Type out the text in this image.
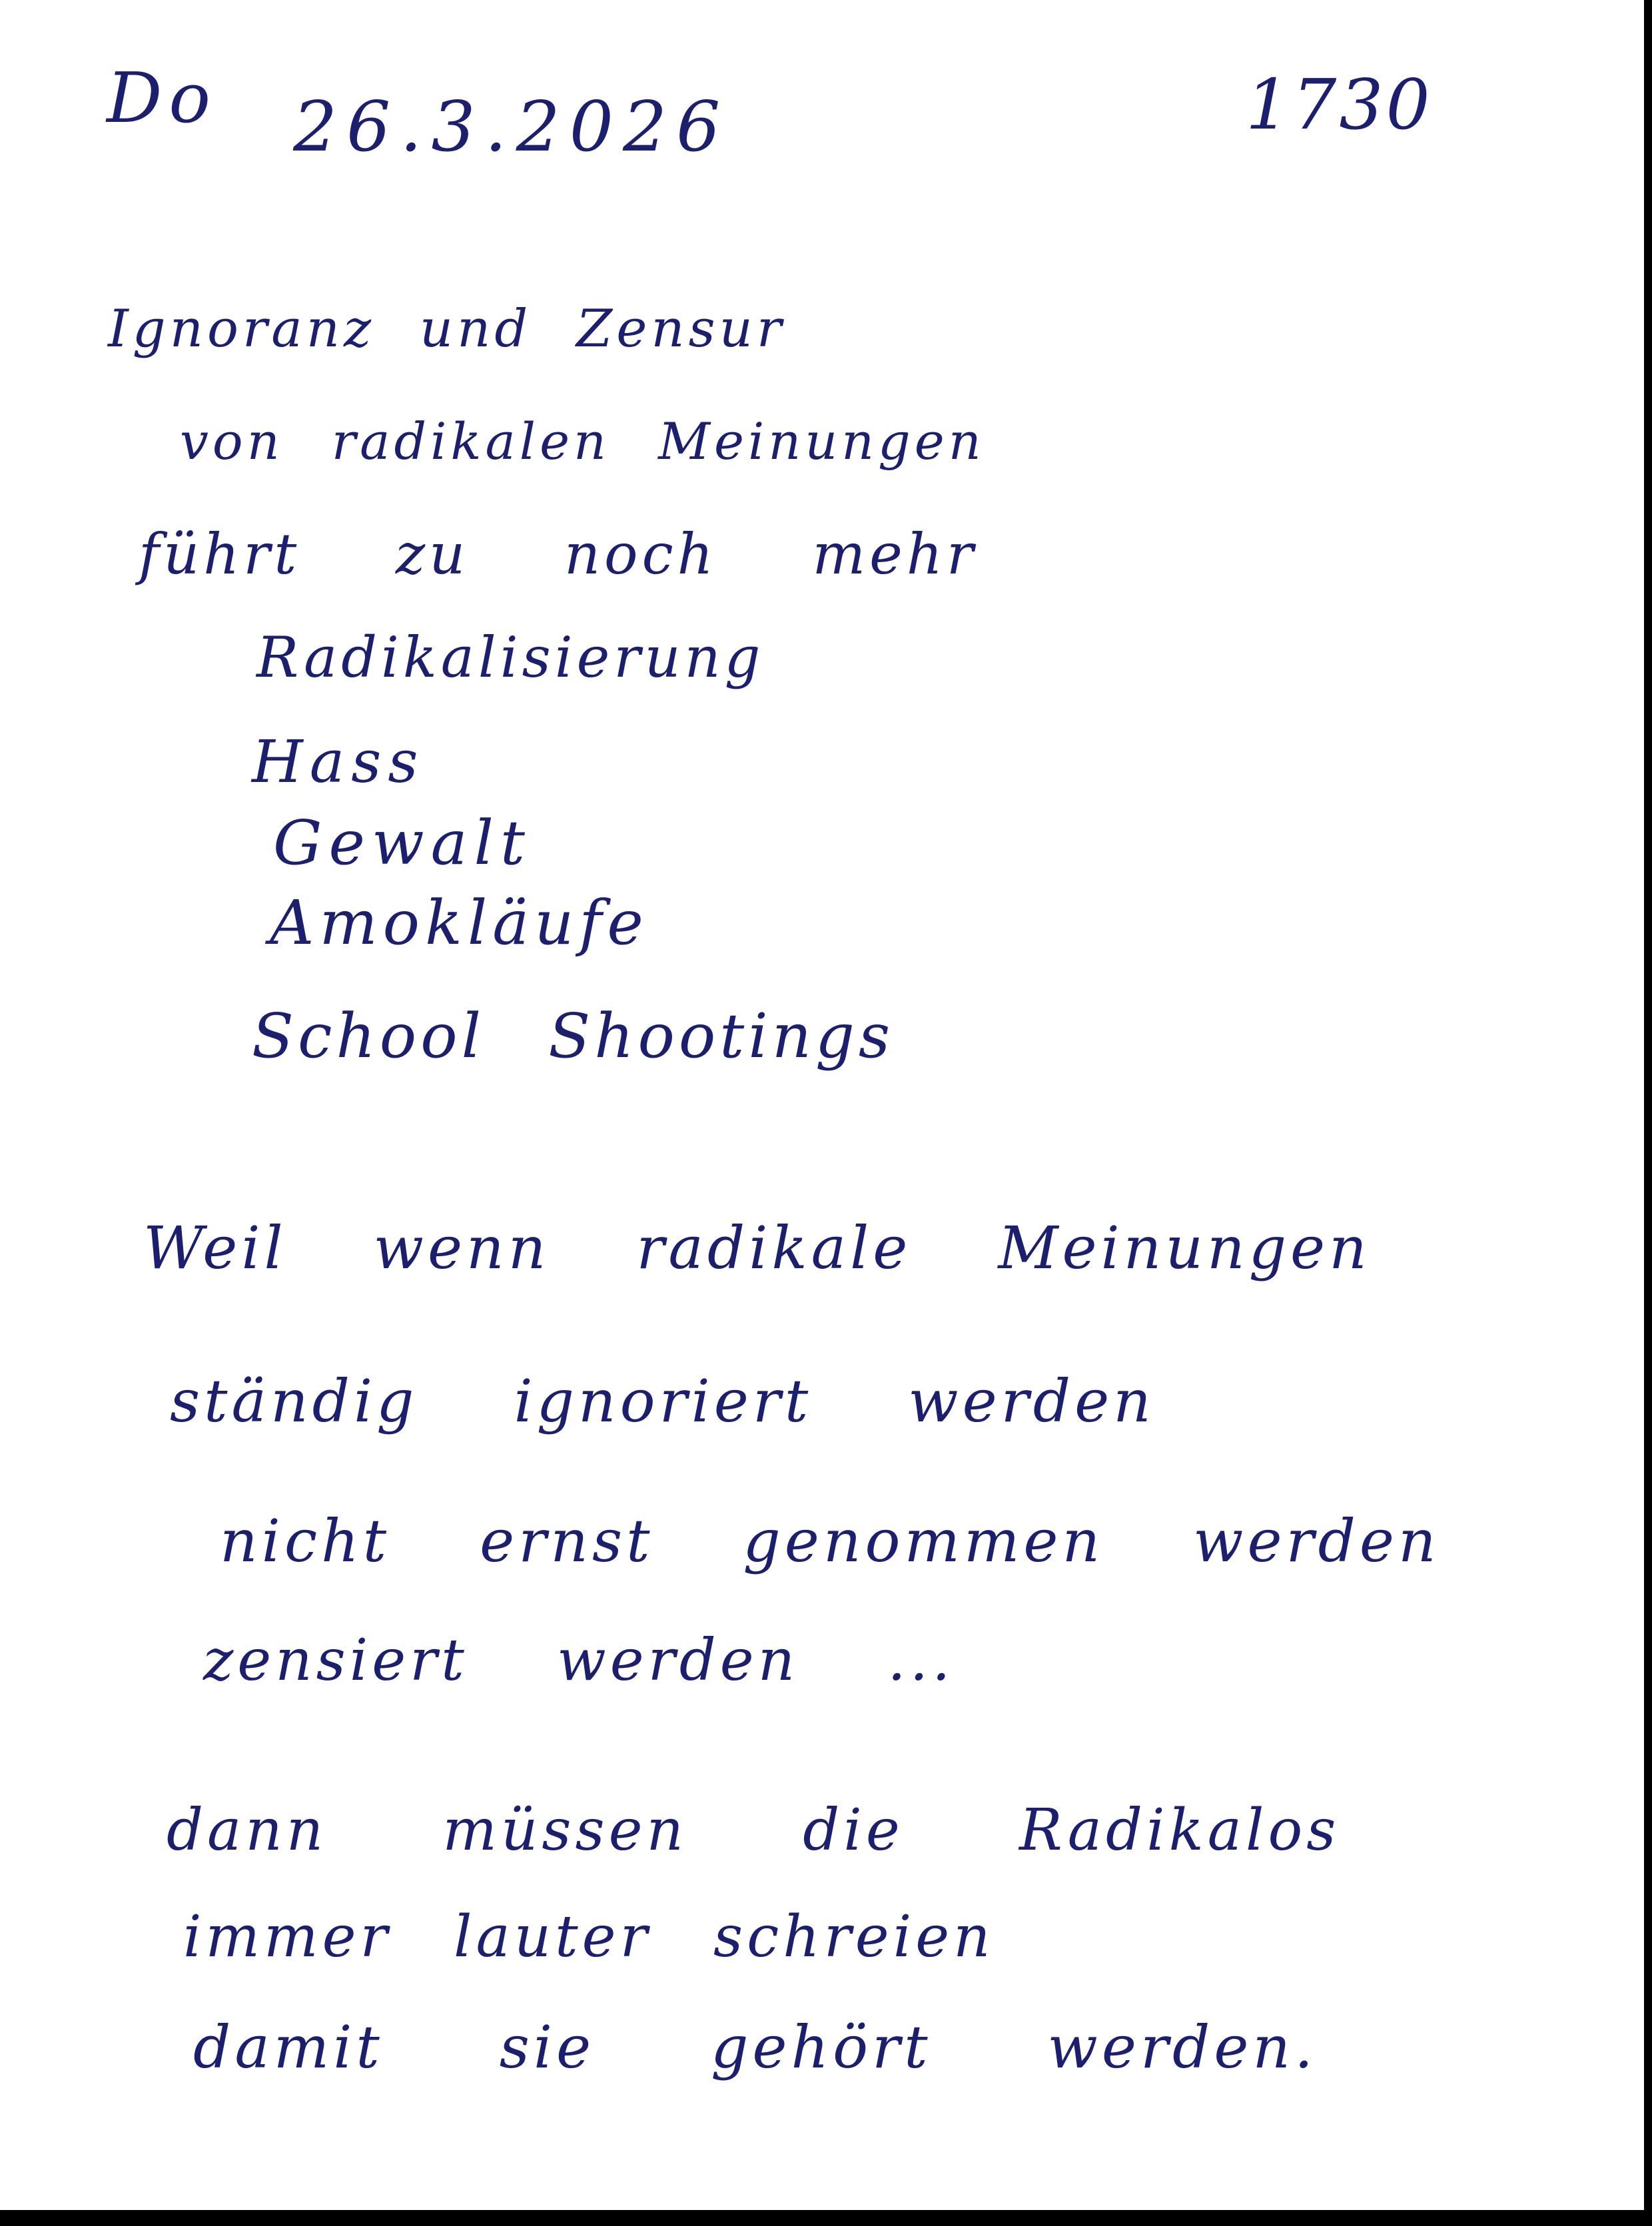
Do 26.3.2026	1730

Ignoranz und Zensur

von radikalen Meinungen

führt zu noch mehr

Radikalisierung

Hass

Gewalt

Amokläufe

School Shootings

Weil wenn radikale Meinungen

ständig ignoriert werden

nicht ernst genommen werden

zensiert werden ...

dann müssen die Radikalos

immer lauter schreien

damit sie gehört werden.
